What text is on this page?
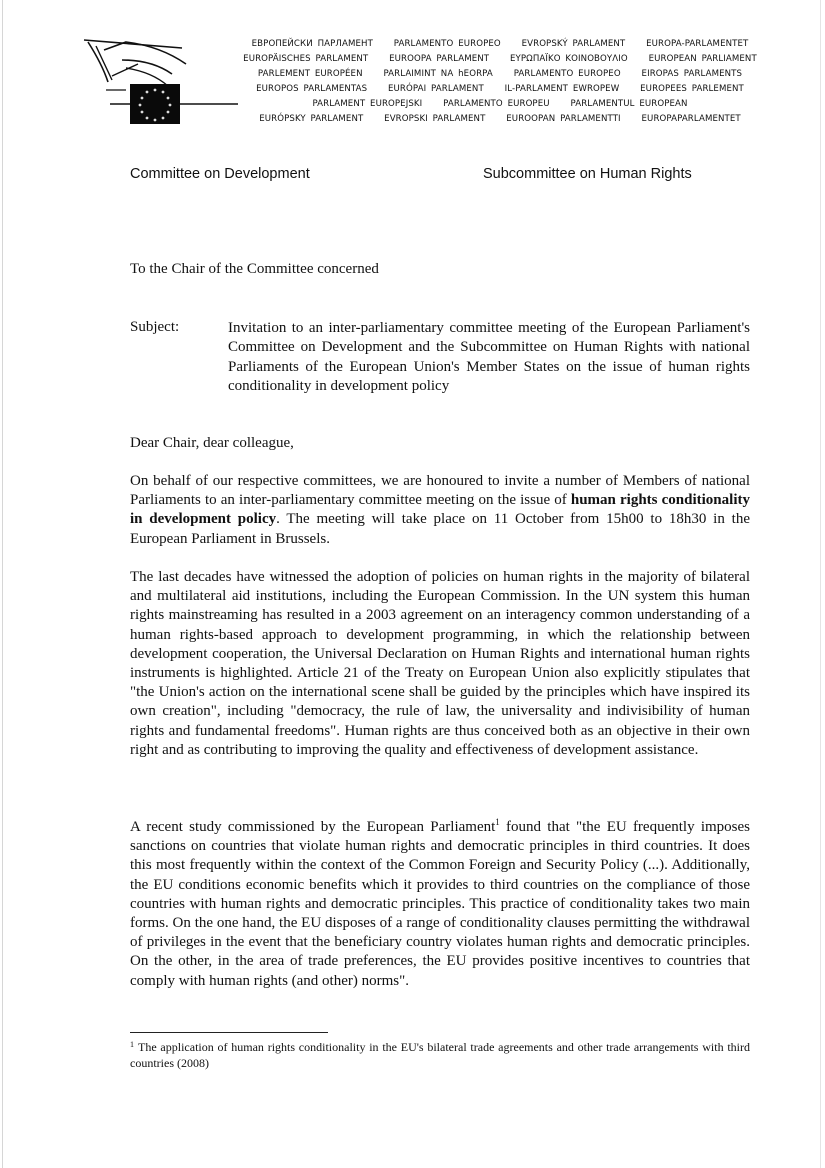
ЕВРОПЕЙСКИ ПАРЛАМЕНТ PARLAMENTO EUROPEO EVROPSKÝ PARLAMENT EUROPA-PARLAMENTET
EUROPÄISCHES PARLAMENT EUROOPA PARLAMENT ΕΥΡΩΠΑΪΚΟ ΚΟΙΝΟΒΟΥΛΙΟ EUROPEAN PARLIAMENT
PARLEMENT EUROPÉEN PARLAIMINT NA hEORPA PARLAMENTO EUROPEO EIROPAS PARLAMENTS
EUROPOS PARLAMENTAS EURÓPAI PARLAMENT IL-PARLAMENT EWROPEW EUROPEES PARLEMENT
PARLAMENT EUROPEJSKI PARLAMENTO EUROPEU PARLAMENTUL EUROPEAN
EURÓPSKY PARLAMENT EVROPSKI PARLAMENT EUROOPAN PARLAMENTTI EUROPAPARLAMENTET
Committee on Development	Subcommittee on Human Rights
To the Chair of the Committee concerned
Subject:	Invitation to an inter-parliamentary committee meeting of the European Parliament's Committee on Development and the Subcommittee on Human Rights with national Parliaments of the European Union's Member States on the issue of human rights conditionality in development policy
Dear Chair, dear colleague,

On behalf of our respective committees, we are honoured to invite a number of Members of national Parliaments to an inter-parliamentary committee meeting on the issue of human rights conditionality in development policy. The meeting will take place on 11 October from 15h00 to 18h30 in the European Parliament in Brussels.

The last decades have witnessed the adoption of policies on human rights in the majority of bilateral and multilateral aid institutions, including the European Commission. In the UN system this human rights mainstreaming has resulted in a 2003 agreement on an interagency common understanding of a human rights-based approach to development programming, in which the relationship between development cooperation, the Universal Declaration on Human Rights and international human rights instruments is highlighted. Article 21 of the Treaty on European Union also explicitly stipulates that "the Union's action on the international scene shall be guided by the principles which have inspired its own creation", including "democracy, the rule of law, the universality and indivisibility of human rights and fundamental freedoms". Human rights are thus conceived both as an objective in their own right and as contributing to improving the quality and effectiveness of development assistance.

A recent study commissioned by the European Parliament$^1$ found that "the EU frequently imposes sanctions on countries that violate human rights and democratic principles in third countries. It does this most frequently within the context of the Common Foreign and Security Policy (...). Additionally, the EU conditions economic benefits which it provides to third countries on the compliance of those countries with human rights and democratic principles. This practice of conditionality takes two main forms. On the one hand, the EU disposes of a range of conditionality clauses permitting the withdrawal of privileges in the event that the beneficiary country violates human rights and democratic principles. On the other, in the area of trade preferences, the EU provides positive incentives to countries that comply with human rights (and other) norms".

$^1$ The application of human rights conditionality in the EU's bilateral trade agreements and other trade arrangements with third countries (2008)
